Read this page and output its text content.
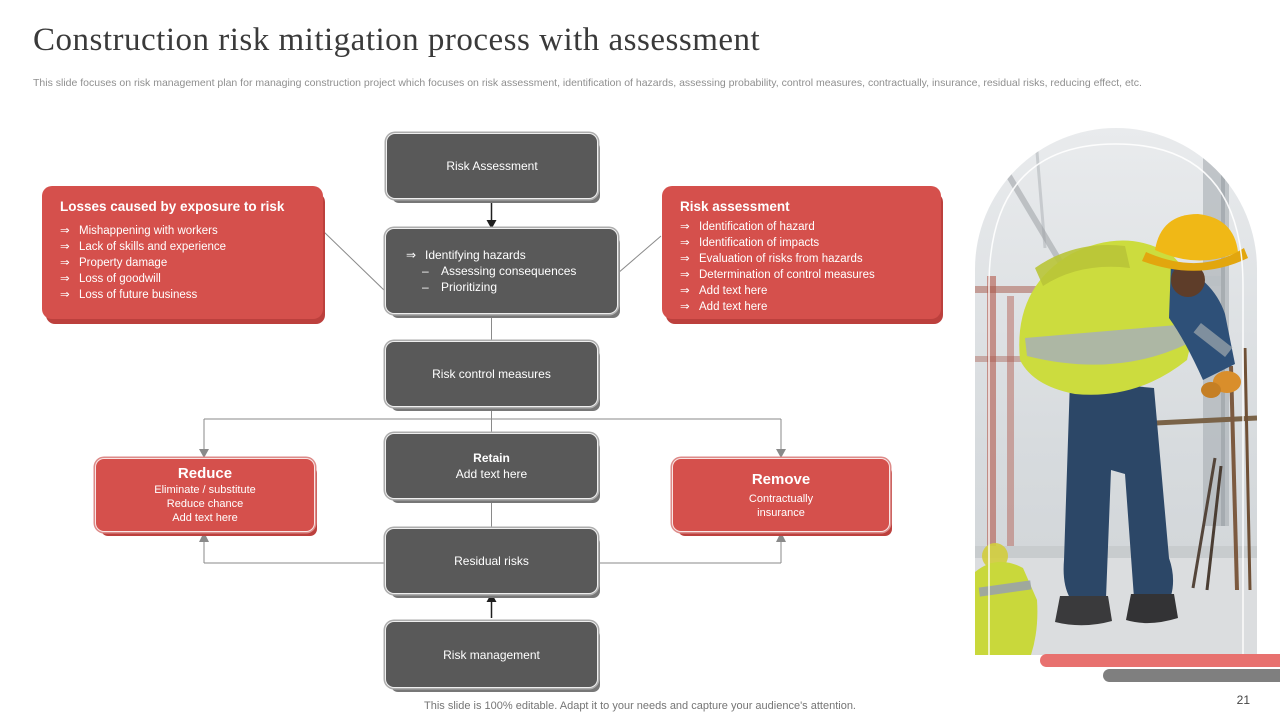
Construction risk mitigation process with assessment

This slide focuses on risk management plan for managing construction project which focuses on risk assessment, identification of hazards, assessing probability, control measures, contractually, insurance, residual risks, reducing effect, etc.

Risk Assessment
⇒ Identifying hazards
–	Assessing consequences
–	Prioritizing
Risk control measures
Retain
Add text here
Residual risks
Risk management

Losses caused by exposure to risk

⇒ Mishappening with workers
⇒ Lack of skills and experience
⇒ Property damage
⇒ Loss of goodwill
⇒ Loss of future business

Risk assessment

⇒ Identification of hazard
⇒ Identification of impacts
⇒ Evaluation of risks from hazards
⇒ Determination of control measures
⇒ Add text here
⇒ Add text here
Reduce
Eliminate / substitute
Reduce chance
Add text here
Remove
Contractually
insurance

This slide is 100% editable. Adapt it to your needs and capture your audience's attention.	21
